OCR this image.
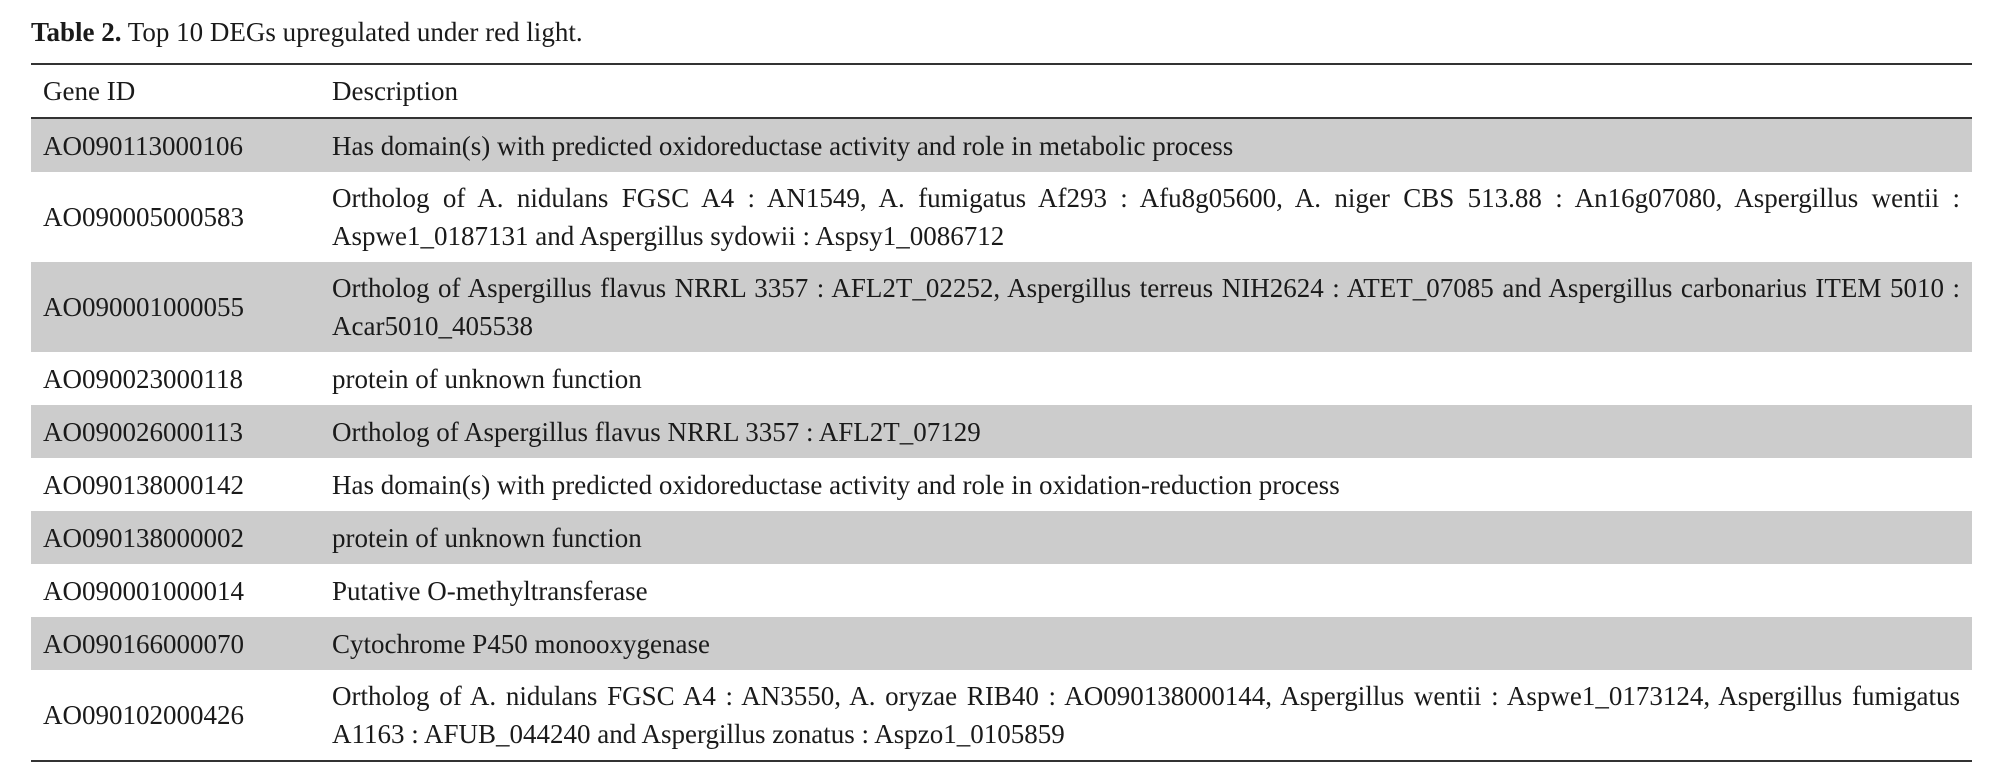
Table 2. Top 10 DEGs upregulated under red light.
Gene ID	Description
AO090113000106	Has domain(s) with predicted oxidoreductase activity and role in metabolic process
AO090005000583	Ortholog of A. nidulans FGSC A4 : AN1549, A. fumigatus Af293 : Afu8g05600, A. niger CBS 513.88 : An16g07080, Aspergillus wentii : Aspwe1_0187131 and Aspergillus sydowii : Aspsy1_0086712
AO090001000055	Ortholog of Aspergillus flavus NRRL 3357 : AFL2T_02252, Aspergillus terreus NIH2624 : ATET_07085 and Aspergillus carbonarius ITEM 5010 : Acar5010_405538
AO090023000118	protein of unknown function
AO090026000113	Ortholog of Aspergillus flavus NRRL 3357 : AFL2T_07129
AO090138000142	Has domain(s) with predicted oxidoreductase activity and role in oxidation-reduction process
AO090138000002	protein of unknown function
AO090001000014	Putative O-methyltransferase
AO090166000070	Cytochrome P450 monooxygenase
AO090102000426	Ortholog of A. nidulans FGSC A4 : AN3550, A. oryzae RIB40 : AO090138000144, Aspergillus wentii : Aspwe1_0173124, Aspergillus fumigatus A1163 : AFUB_044240 and Aspergillus zonatus : Aspzo1_0105859
